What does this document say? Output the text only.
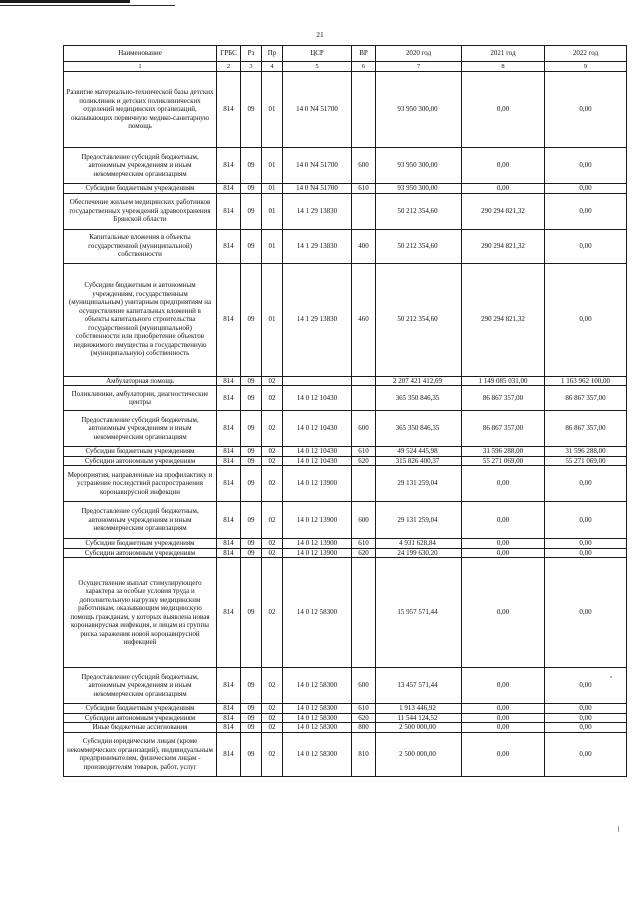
21
Наименование	ГРБС	Рз	Пр	ЦСР	ВР	2020 год	2021 год	2022 год
1	2	3	4	5	6	7	8	9
Развитие материально-технической базы детских поликлиник и детских поликлинических отделений медицинских организаций, оказывающих первичную медико-санитарную помощь	814	09	01	14 0 N4 51700		93 950 300,00	0,00	0,00
Предоставление субсидий бюджетным, автономным учреждениям и иным некоммерческим организациям	814	09	01	14 0 N4 51700	600	93 950 300,00	0,00	0,00
Субсидии бюджетным учреждениям	814	09	01	14 0 N4 51700	610	93 950 300,00	0,00	0,00
Обеспечение жильем медицинских работников государственных учреждений здравоохранения Брянской области	814	09	01	14 1 29 13830		50 212 354,60	290 294 821,32	0,00
Капитальные вложения в объекты государственной (муниципальной) собственности	814	09	01	14 1 29 13830	400	50 212 354,60	290 294 821,32	0,00
Субсидии бюджетным и автономным учреждениям, государственным (муниципальным) унитарным предприятиям на осуществление капитальных вложений в объекты капитального строительства государственной (муниципальной) собственности или приобретение объектов недвижимого имущества в государственную (муниципальную) собственность	814	09	01	14 1 29 13830	460	50 212 354,60	290 294 821,32	0,00
Амбулаторная помощь	814	09	02			2 207 421 412,69	1 149 085 031,00	1 163 962 100,00
Поликлиники, амбулатории, диагностические центры	814	09	02	14 0 12 10430		365 350 846,35	86 867 357,00	86 867 357,00
Предоставление субсидий бюджетным, автономным учреждениям и иным некоммерческим организациям	814	09	02	14 0 12 10430	600	365 350 846,35	86 867 357,00	86 867 357,00
Субсидии бюджетным учреждениям	814	09	02	14 0 12 10430	610	49 524 445,98	31 596 288,00	31 596 288,00
Субсидии автономным учреждениям	814	09	02	14 0 12 10430	620	315 826 400,37	55 271 069,00	55 271 069,00
Мероприятия, направленные на профилактику и устранение последствий распространения коронавирусной инфекции	814	09	02	14 0 12 13900		29 131 259,04	0,00	0,00
Предоставление субсидий бюджетным, автономным учреждениям и иным некоммерческим организациям	814	09	02	14 0 12 13900	600	29 131 259,04	0,00	0,00
Субсидии бюджетным учреждениям	814	09	02	14 0 12 13900	610	4 931 628,84	0,00	0,00
Субсидии автономным учреждениям	814	09	02	14 0 12 13900	620	24 199 630,20	0,00	0,00
Осуществление выплат стимулирующего характера за особые условия труда и дополнительную нагрузку медицинским работникам, оказывающим медицинскую помощь гражданам, у которых выявлена новая коронавирусная инфекция, и лицам из группы риска заражения новой коронавирусной инфекцией	814	09	02	14 0 12 58300		15 957 571,44	0,00	0,00
Предоставление субсидий бюджетным, автономным учреждениям и иным некоммерческим организациям	814	09	02	14 0 12 58300	600	13 457 571,44	0,00	0,00
Субсидии бюджетным учреждениям	814	09	02	14 0 12 58300	610	1 913 446,92	0,00	0,00
Субсидии автономным учреждениям	814	09	02	14 0 12 58300	620	11 544 124,52	0,00	0,00
Иные бюджетные ассигнования	814	09	02	14 0 12 58300	800	2 500 000,00	0,00	0,00
Субсидии юридическим лицам (кроме некоммерческих организаций), индивидуальным предпринимателям, физическим лицам - производителям товаров, работ, услуг	814	09	02	14 0 12 58300	810	2 500 000,00	0,00	0,00
